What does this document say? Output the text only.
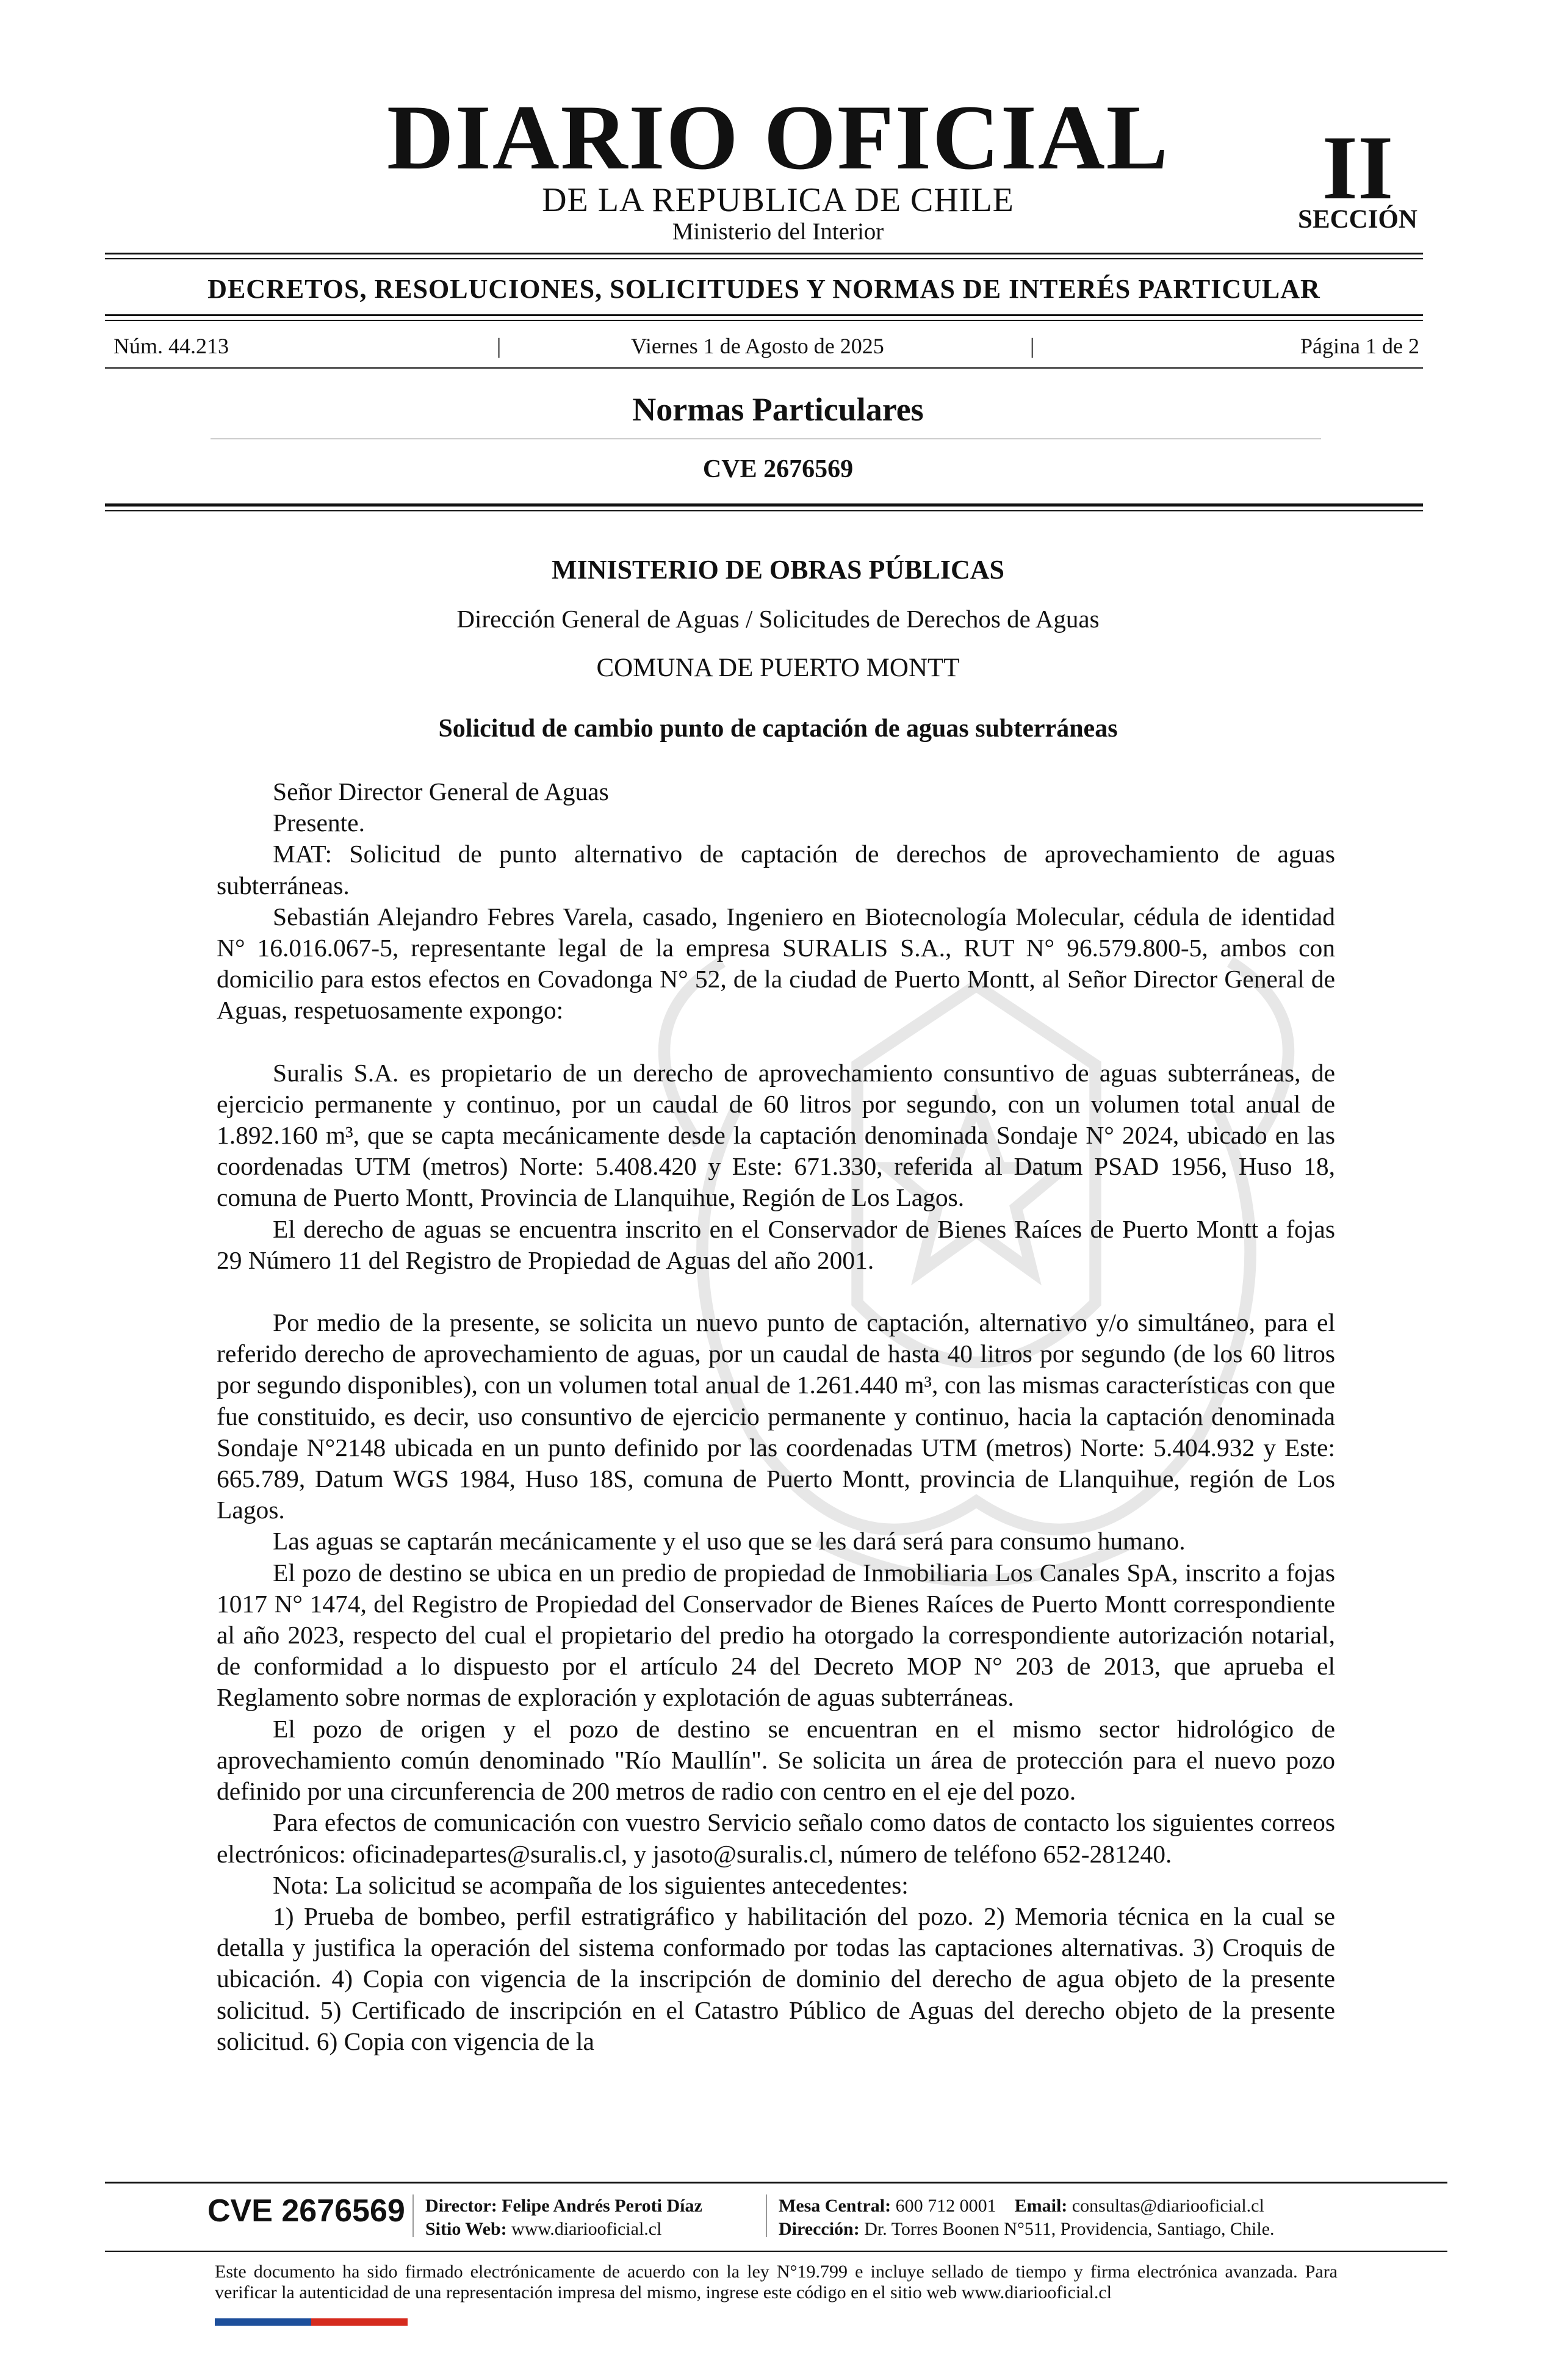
DIARIO OFICIAL
DE LA REPUBLICA DE CHILE
Ministerio del Interior
II
SECCIÓN
DECRETOS, RESOLUCIONES, SOLICITUDES Y NORMAS DE INTERÉS PARTICULAR
Núm. 44.213	|	Viernes 1 de Agosto de 2025	|	Página 1 de 2
Normas Particulares
CVE 2676569
MINISTERIO DE OBRAS PÚBLICAS
Dirección General de Aguas / Solicitudes de Derechos de Aguas
COMUNA DE PUERTO MONTT
Solicitud de cambio punto de captación de aguas subterráneas

Señor Director General de Aguas

Presente.

MAT: Solicitud de punto alternativo de captación de derechos de aprovechamiento de aguas subterráneas.

Sebastián Alejandro Febres Varela, casado, Ingeniero en Biotecnología Molecular, cédula de identidad N° 16.016.067-5, representante legal de la empresa SURALIS S.A., RUT N° 96.579.800-5, ambos con domicilio para estos efectos en Covadonga N° 52, de la ciudad de Puerto Montt, al Señor Director General de Aguas, respetuosamente expongo:

Suralis S.A. es propietario de un derecho de aprovechamiento consuntivo de aguas subterráneas, de ejercicio permanente y continuo, por un caudal de 60 litros por segundo, con un volumen total anual de 1.892.160 m³, que se capta mecánicamente desde la captación denominada Sondaje N° 2024, ubicado en las coordenadas UTM (metros) Norte: 5.408.420 y Este: 671.330, referida al Datum PSAD 1956, Huso 18, comuna de Puerto Montt, Provincia de Llanquihue, Región de Los Lagos.

El derecho de aguas se encuentra inscrito en el Conservador de Bienes Raíces de Puerto Montt a fojas 29 Número 11 del Registro de Propiedad de Aguas del año 2001.

Por medio de la presente, se solicita un nuevo punto de captación, alternativo y/o simultáneo, para el referido derecho de aprovechamiento de aguas, por un caudal de hasta 40 litros por segundo (de los 60 litros por segundo disponibles), con un volumen total anual de 1.261.440 m³, con las mismas características con que fue constituido, es decir, uso consuntivo de ejercicio permanente y continuo, hacia la captación denominada Sondaje N°2148 ubicada en un punto definido por las coordenadas UTM (metros) Norte: 5.404.932 y Este: 665.789, Datum WGS 1984, Huso 18S, comuna de Puerto Montt, provincia de Llanquihue, región de Los Lagos.

Las aguas se captarán mecánicamente y el uso que se les dará será para consumo humano.

El pozo de destino se ubica en un predio de propiedad de Inmobiliaria Los Canales SpA, inscrito a fojas 1017 N° 1474, del Registro de Propiedad del Conservador de Bienes Raíces de Puerto Montt correspondiente al año 2023, respecto del cual el propietario del predio ha otorgado la correspondiente autorización notarial, de conformidad a lo dispuesto por el artículo 24 del Decreto MOP N° 203 de 2013, que aprueba el Reglamento sobre normas de exploración y explotación de aguas subterráneas.

El pozo de origen y el pozo de destino se encuentran en el mismo sector hidrológico de aprovechamiento común denominado "Río Maullín". Se solicita un área de protección para el nuevo pozo definido por una circunferencia de 200 metros de radio con centro en el eje del pozo.

Para efectos de comunicación con vuestro Servicio señalo como datos de contacto los siguientes correos electrónicos: oficinadepartes@suralis.cl, y jasoto@suralis.cl, número de teléfono 652-281240.

Nota: La solicitud se acompaña de los siguientes antecedentes:

1) Prueba de bombeo, perfil estratigráfico y habilitación del pozo. 2) Memoria técnica en la cual se detalla y justifica la operación del sistema conformado por todas las captaciones alternativas. 3) Croquis de ubicación. 4) Copia con vigencia de la inscripción de dominio del derecho de agua objeto de la presente solicitud. 5) Certificado de inscripción en el Catastro Público de Aguas del derecho objeto de la presente solicitud. 6) Copia con vigencia de la

CVE 2676569 Director: Felipe Andrés Peroti Díaz
Sitio Web: www.diariooficial.cl
Mesa Central: 600 712 0001 Email: consultas@diariooficial.cl
Dirección: Dr. Torres Boonen N°511, Providencia, Santiago, Chile.
Este documento ha sido firmado electrónicamente de acuerdo con la ley N°19.799 e incluye sellado de tiempo y firma electrónica avanzada. Para verificar la autenticidad de una representación impresa del mismo, ingrese este código en el sitio web www.diariooficial.cl
